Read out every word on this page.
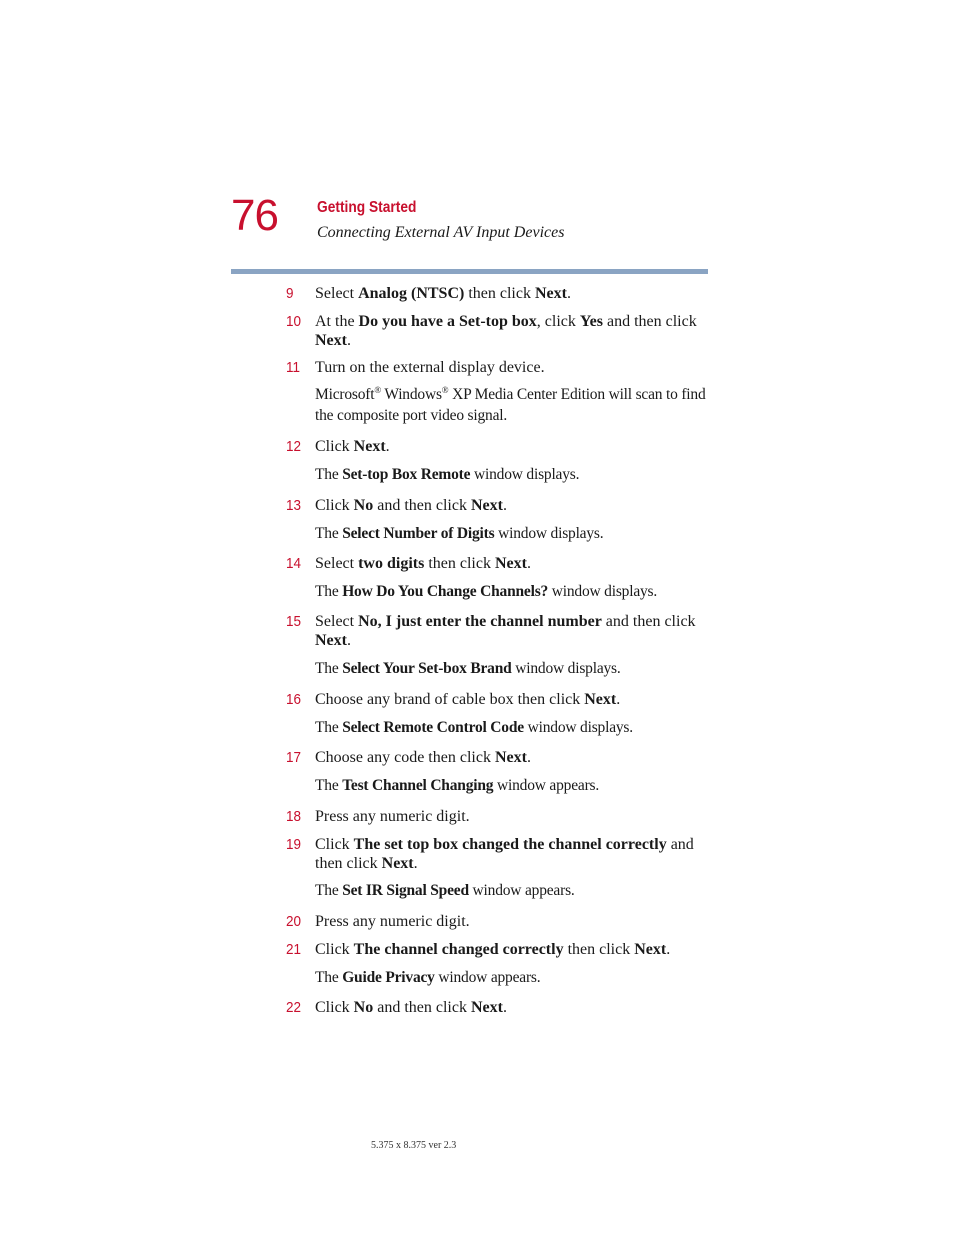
76 Getting Started
Connecting External AV Input Devices
9	Select Analog (NTSC) then click Next.
10 At the Do you have a Set-top box, click Yes and then click Next.
11 Turn on the external display device.
Microsoft® Windows® XP Media Center Edition will scan to find the composite port video signal.
12 Click Next.
The Set-top Box Remote window displays.
13 Click No and then click Next.
The Select Number of Digits window displays.
14 Select two digits then click Next.
The How Do You Change Channels? window displays.
15 Select No, I just enter the channel number and then click Next.
The Select Your Set-box Brand window displays.
16 Choose any brand of cable box then click Next.
The Select Remote Control Code window displays.
17 Choose any code then click Next.
The Test Channel Changing window appears.
18 Press any numeric digit.
19 Click The set top box changed the channel correctly and then click Next.
The Set IR Signal Speed window appears.
20 Press any numeric digit.
21 Click The channel changed correctly then click Next.
The Guide Privacy window appears.
22 Click No and then click Next.
5.375 x 8.375 ver 2.3
